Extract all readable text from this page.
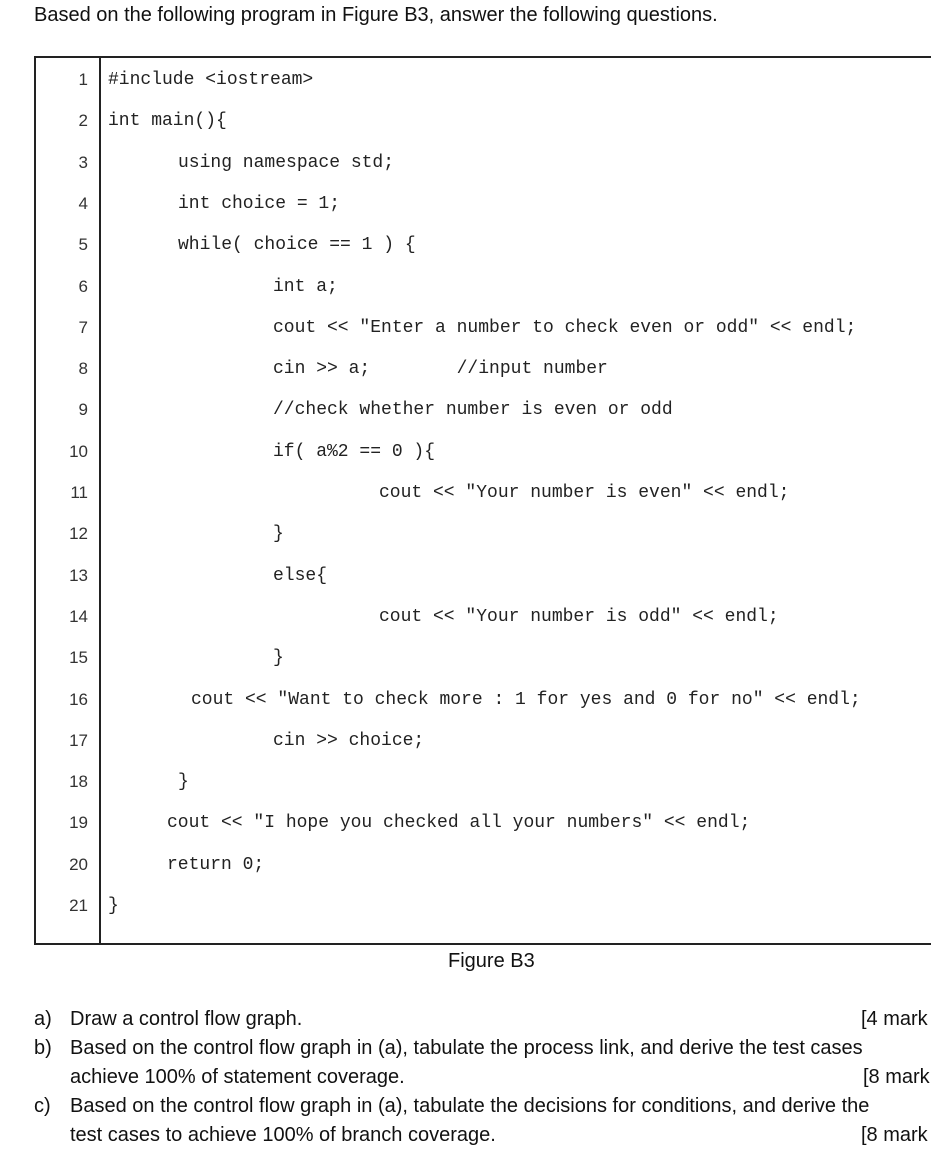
Based on the following program in Figure B3, answer the following questions.
1 #include <iostream>
2 int main(){
3	using namespace std;
4	int choice = 1;
5	while( choice == 1 ) {
6	int a;
7	cout << "Enter a number to check even or odd" << endl;
8	cin >> a;        //input number
9	//check whether number is even or odd
10	if( a%2 == 0 ){
11	cout << "Your number is even" << endl;
12	}
13	else{
14	cout << "Your number is odd" << endl;
15	}
16	cout << "Want to check more : 1 for yes and 0 for no" << endl;
17	cin >> choice;
18	}
19	cout << "I hope you checked all your numbers" << endl;
20	return 0;
21 }
Figure B3
a) Draw a control flow graph.	[4 mark
b) Based on the control flow graph in (a), tabulate the process link, and derive the test cases
achieve 100% of statement coverage.	[8 mark
c) Based on the control flow graph in (a), tabulate the decisions for conditions, and derive the
test cases to achieve 100% of branch coverage.	[8 mark
